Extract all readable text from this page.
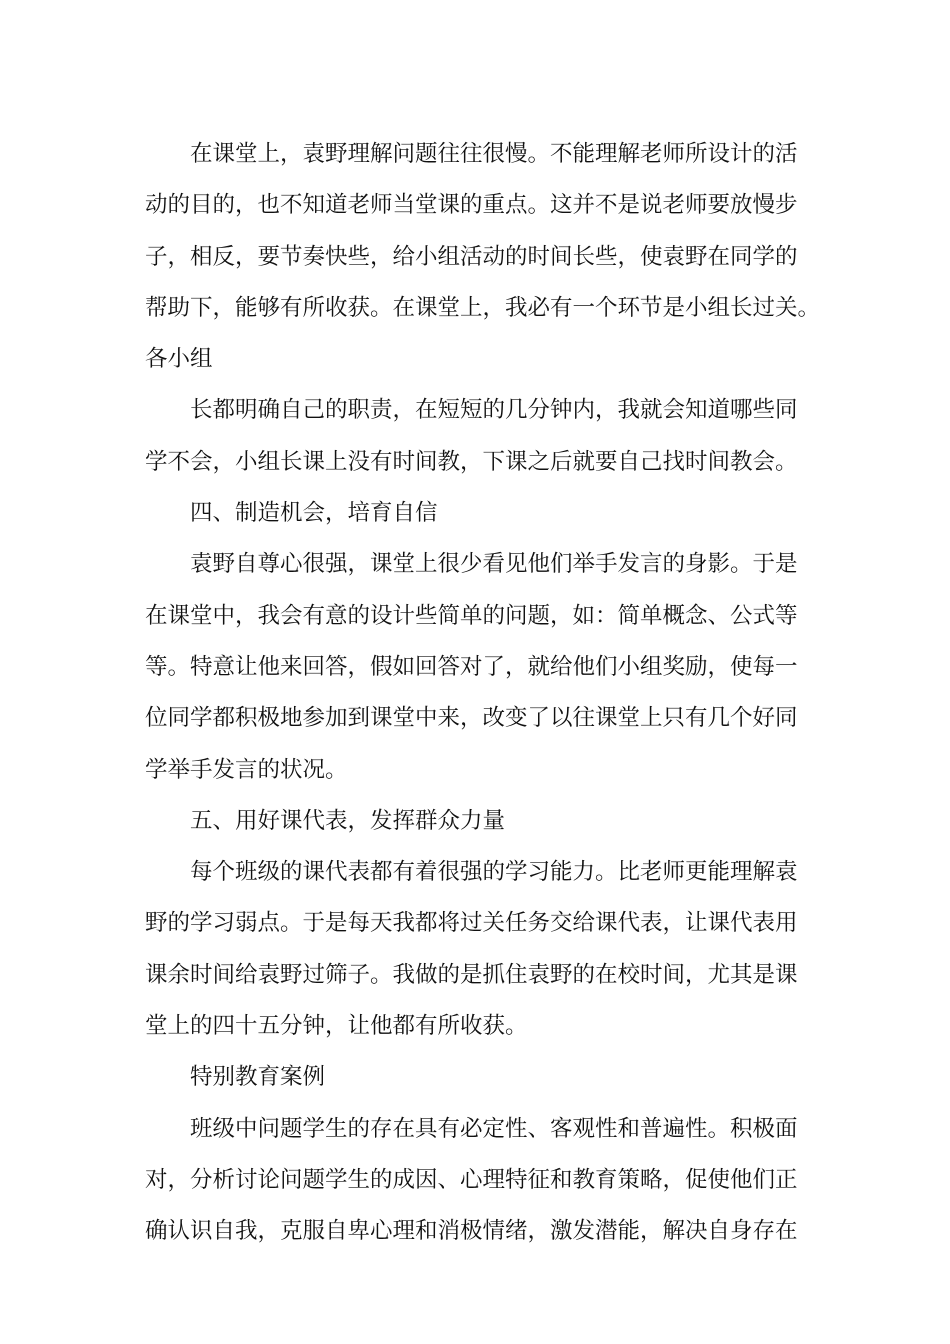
在课堂上，袁野理解问题往往很慢。不能理解老师所设计的活
动的目的，也不知道老师当堂课的重点。这并不是说老师要放慢步
子，相反，要节奏快些，给小组活动的时间长些，使袁野在同学的
帮助下，能够有所收获。在课堂上，我必有一个环节是小组长过关。
各小组
长都明确自己的职责，在短短的几分钟内，我就会知道哪些同
学不会，小组长课上没有时间教，下课之后就要自己找时间教会。
四、制造机会，培育自信
袁野自尊心很强，课堂上很少看见他们举手发言的身影。于是
在课堂中，我会有意的设计些简单的问题，如：简单概念、公式等
等。特意让他来回答，假如回答对了，就给他们小组奖励，使每一
位同学都积极地参加到课堂中来，改变了以往课堂上只有几个好同
学举手发言的状况。
五、用好课代表，发挥群众力量
每个班级的课代表都有着很强的学习能力。比老师更能理解袁
野的学习弱点。于是每天我都将过关任务交给课代表，让课代表用
课余时间给袁野过筛子。我做的是抓住袁野的在校时间，尤其是课
堂上的四十五分钟，让他都有所收获。
特别教育案例
班级中问题学生的存在具有必定性、客观性和普遍性。积极面
对，分析讨论问题学生的成因、心理特征和教育策略，促使他们正
确认识自我，克服自卑心理和消极情绪，激发潜能，解决自身存在
